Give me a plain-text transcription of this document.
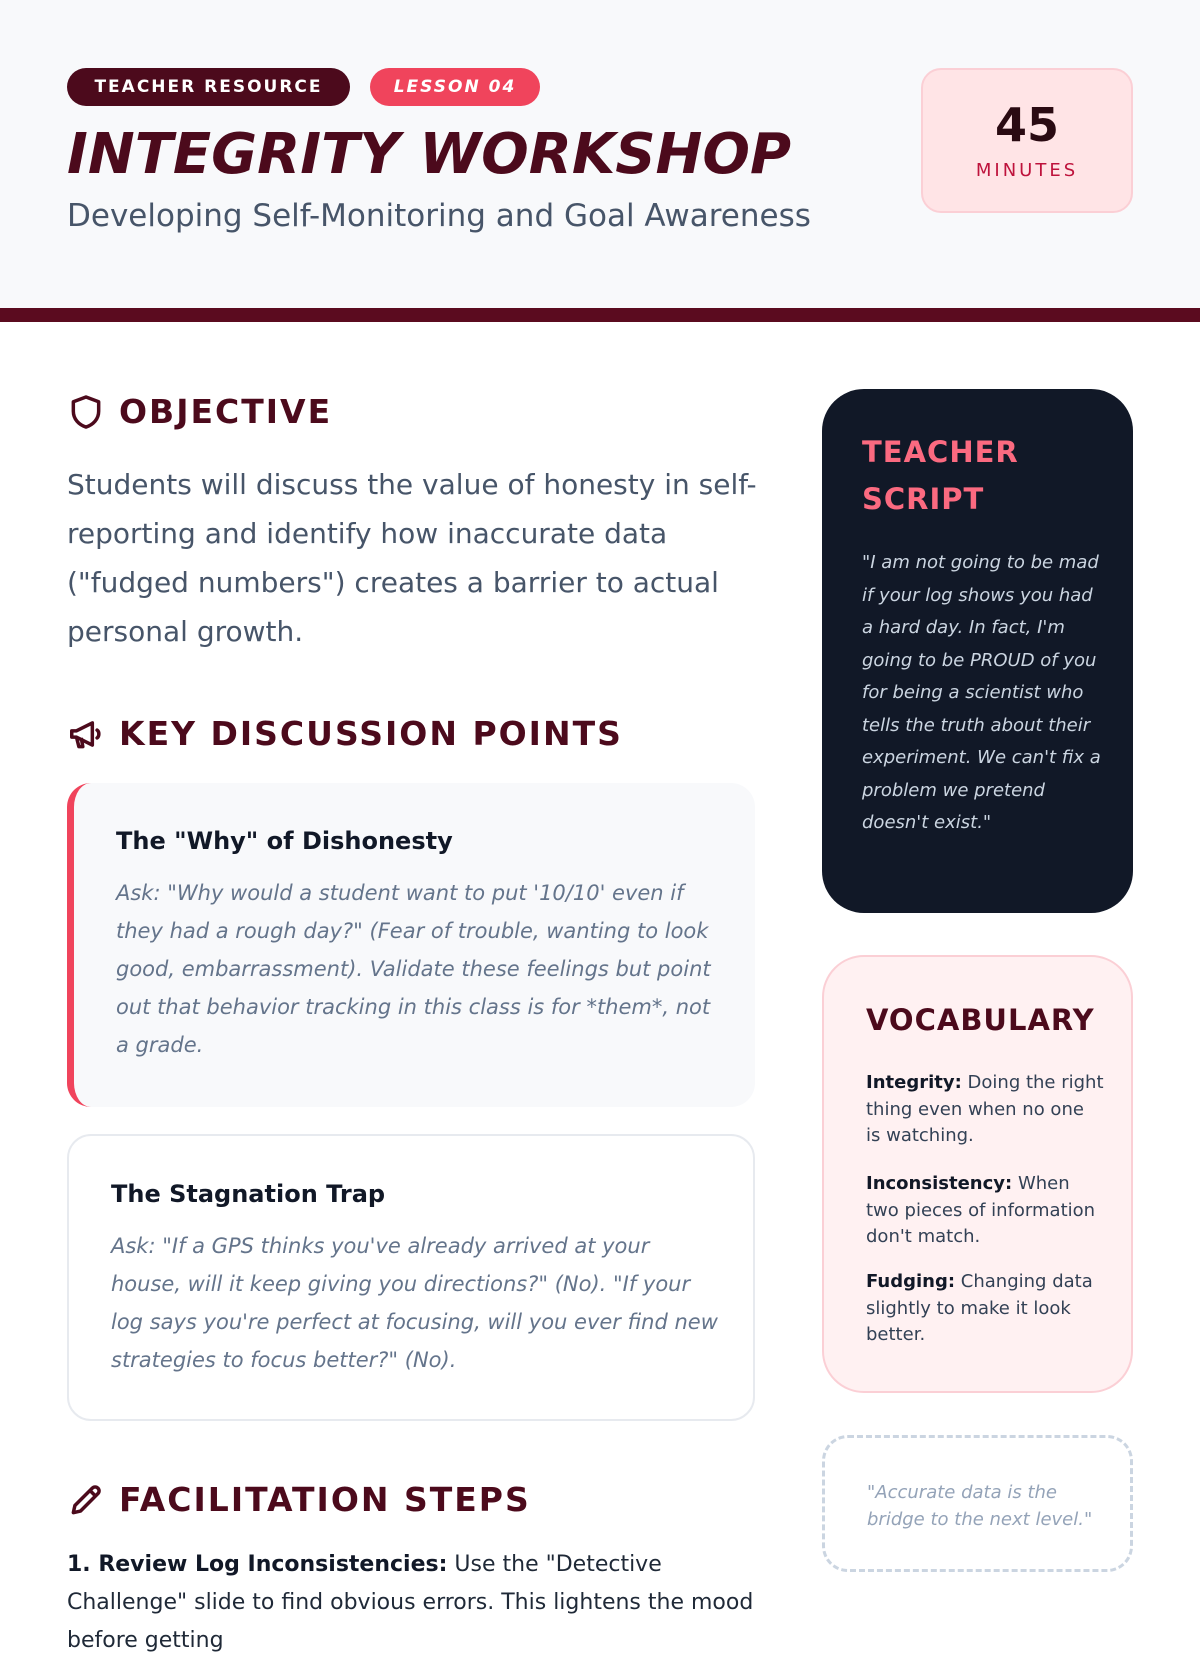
TEACHER RESOURCE	LESSON 04
INTEGRITY WORKSHOP
Developing Self-Monitoring and Goal Awareness
45
MINUTES
OBJECTIVE
Students will discuss the value of honesty in self-reporting and identify how inaccurate data ("fudged numbers") creates a barrier to actual personal growth.
KEY DISCUSSION POINTS
The "Why" of Dishonesty
Ask: "Why would a student want to put '10/10' even if they had a rough day?" (Fear of trouble, wanting to look good, embarrassment). Validate these feelings but point out that behavior tracking in this class is for *them*, not a grade.
The Stagnation Trap
Ask: "If a GPS thinks you've already arrived at your house, will it keep giving you directions?" (No). "If your log says you're perfect at focusing, will you ever find new strategies to focus better?" (No).
FACILITATION STEPS
1. Review Log Inconsistencies: Use the "Detective Challenge" slide to find obvious errors. This lightens the mood before getting
TEACHER SCRIPT
"I am not going to be mad if your log shows you had a hard day. In fact, I'm going to be PROUD of you for being a scientist who tells the truth about their experiment. We can't fix a problem we pretend doesn't exist."
VOCABULARY
Integrity: Doing the right thing even when no one is watching.
Inconsistency: When two pieces of information don't match.
Fudging: Changing data slightly to make it look better.
"Accurate data is the bridge to the next level."
